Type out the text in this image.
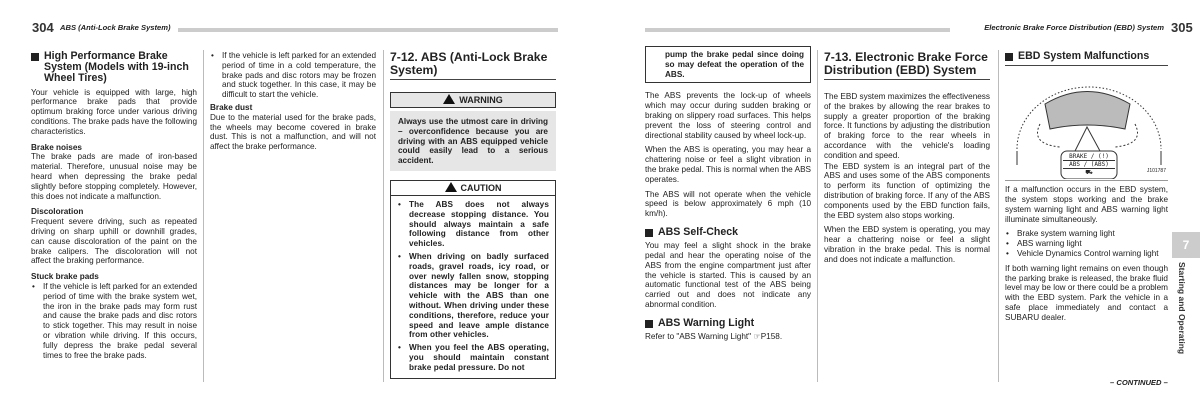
304 ABS (Anti-Lock Brake System)	Electronic Brake Force Distribution (EBD) System 305
High Performance Brake System (Models with 19-inch Wheel Tires)

Your vehicle is equipped with large, high performance brake pads that provide optimum braking force under various driving conditions. The brake pads have the following characteristics.

Brake noises

The brake pads are made of iron-based material. Therefore, unusual noise may be heard when depressing the brake pedal slightly before stopping completely. However, this does not indicate a malfunction.

Discoloration

Frequent severe driving, such as repeated driving on sharp uphill or downhill grades, can cause discoloration of the paint on the brake calipers. The discoloration will not affect the braking performance.

Stuck brake pads
• If the vehicle is left parked for an extended period of time with the brake system wet, the iron in the brake pads may form rust and cause the brake pads and disc rotors to stick together. This may result in noise or vibration while driving. If this occurs, fully depress the brake pedal several times to free the brake pads.
• If the vehicle is left parked for an extended period of time in a cold temperature, the brake pads and disc rotors may be frozen and stuck together. In this case, it may be difficult to start the vehicle.
Brake dust

Due to the material used for the brake pads, the wheels may become covered in brake dust. This is not a malfunction, and will not affect the brake performance.

7-12. ABS (Anti-Lock Brake System)
WARNING
Always use the utmost care in driving – overconfidence because you are driving with an ABS equipped vehicle could easily lead to a serious accident.
CAUTION
• The ABS does not always decrease stopping distance. You should always maintain a safe following distance from other vehicles.
• When driving on badly surfaced roads, gravel roads, icy road, or over newly fallen snow, stopping distances may be longer for a vehicle with the ABS than one without. When driving under these conditions, therefore, reduce your speed and leave ample distance from other vehicles.
• When you feel the ABS operating, you should maintain constant brake pedal pressure. Do not
pump the brake pedal since doing so may defeat the operation of the ABS.

The ABS prevents the lock-up of wheels which may occur during sudden braking or braking on slippery road surfaces. This helps prevent the loss of steering control and directional stability caused by wheel lock-up.

When the ABS is operating, you may hear a chattering noise or feel a slight vibration in the brake pedal. This is normal when the ABS operates.

The ABS will not operate when the vehicle speed is below approximately 6 mph (10 km/h).

ABS Self-Check

You may feel a slight shock in the brake pedal and hear the operating noise of the ABS from the engine compartment just after the vehicle is started. This is caused by an automatic functional test of the ABS being carried out and does not indicate any abnormal condition.

ABS Warning Light

Refer to "ABS Warning Light" ☞P158.

7-13. Electronic Brake Force Distribution (EBD) System

The EBD system maximizes the effectiveness of the brakes by allowing the rear brakes to supply a greater proportion of the braking force. It functions by adjusting the distribution of braking force to the rear wheels in accordance with the vehicle's loading condition and speed.

The EBD system is an integral part of the ABS and uses some of the ABS components to perform its function of optimizing the distribution of braking force. If any of the ABS components used by the EBD function fails, the EBD system also stops working.

When the EBD system is operating, you may hear a chattering noise or feel a slight vibration in the brake pedal. This is normal and does not indicate a malfunction.

EBD System Malfunctions
BRAKE / (!)
ABS / (ABS)
⛟	J101787

If a malfunction occurs in the EBD system, the system stops working and the brake system warning light and ABS warning light illuminate simultaneously.

• Brake system warning light
• ABS warning light
• Vehicle Dynamics Control warning light

If both warning light remains on even though the parking brake is released, the brake fluid level may be low or there could be a problem with the EBD system. Park the vehicle in a safe place immediately and contact a SUBARU dealer.

7
Starting and Operating
– CONTINUED –
